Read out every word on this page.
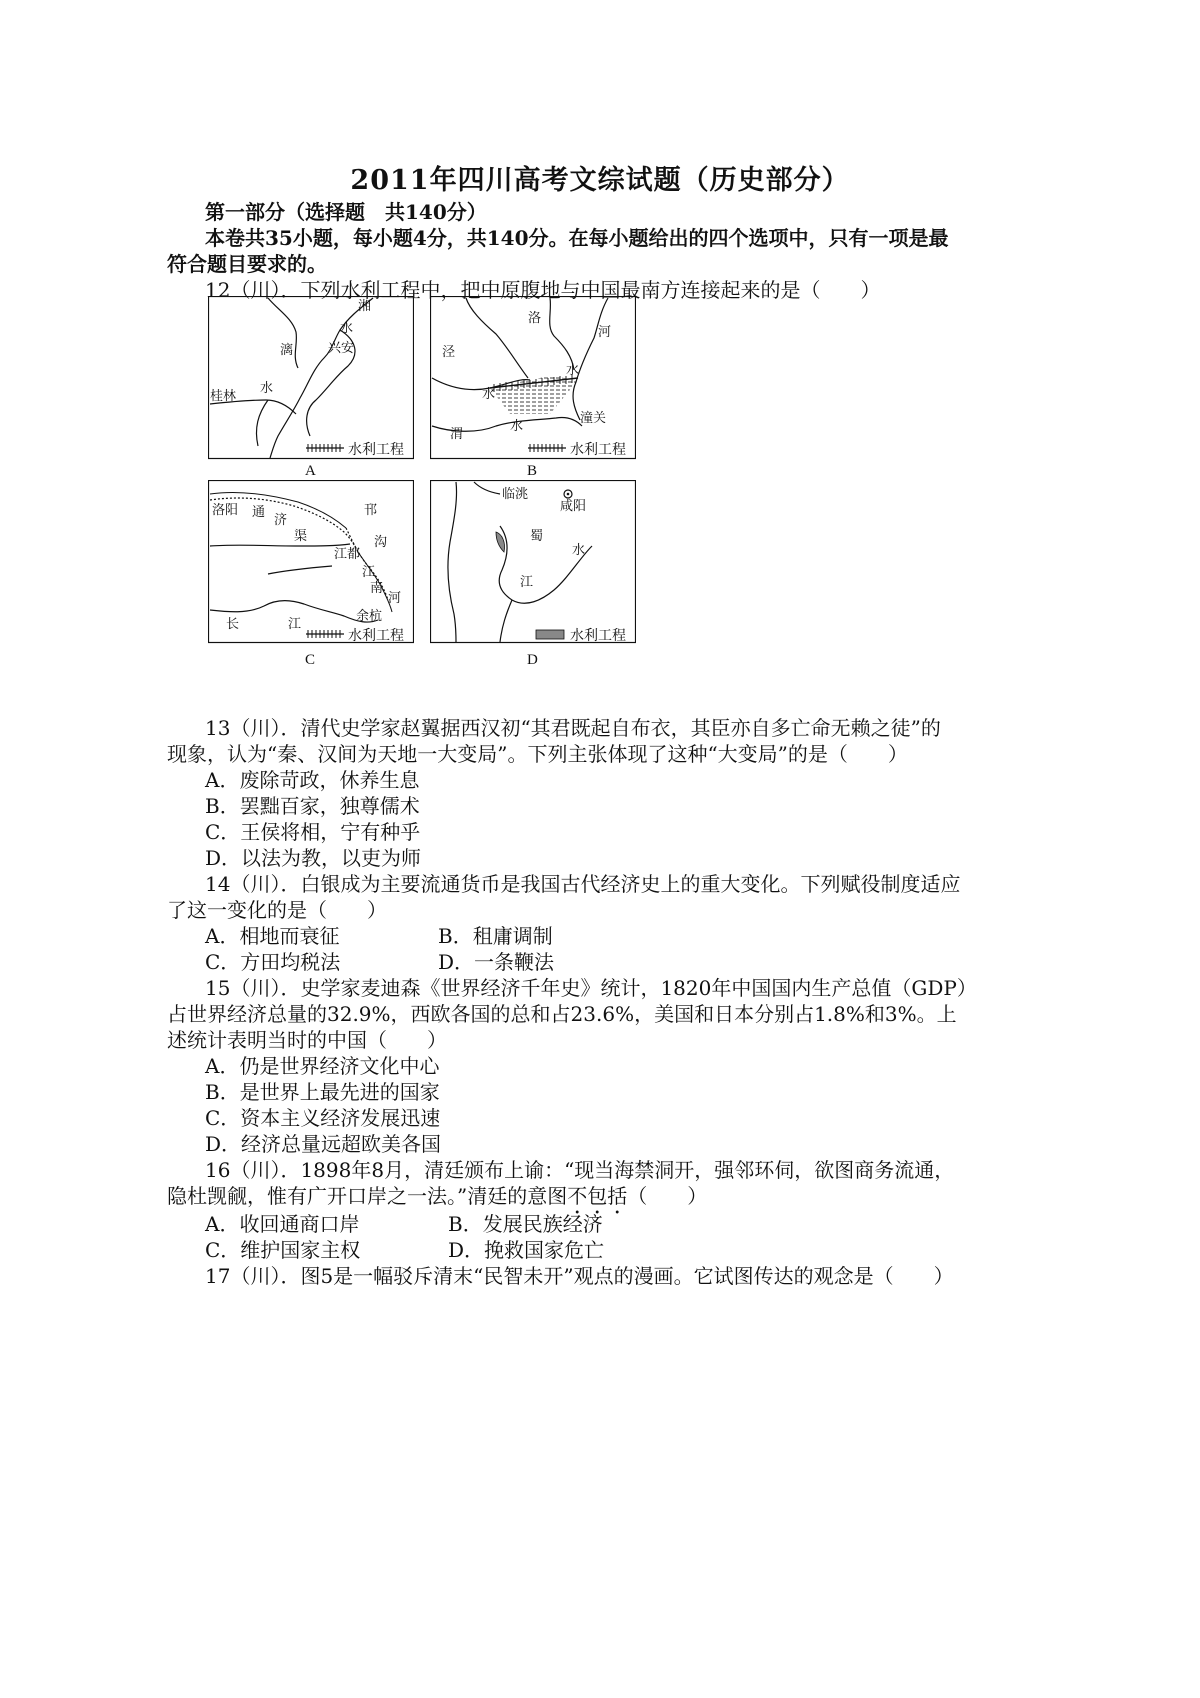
2011年四川高考文综试题（历史部分）
第一部分（选择题　共140分）
本卷共35小题，每小题4分，共140分。在每小题给出的四个选项中，只有一项是最
符合题目要求的。
12（川）．下列水利工程中，把中原腹地与中国最南方连接起来的是（　　）
湘
水
兴安
漓
水
桂林
水利工程
A
洛
河
泾
水
水
渭
水
潼关
水利工程
B
洛阳 通
济
渠
邗
江都
沟
江
南
河
余杭
长	江
水利工程
C
临洮
咸阳
蜀
水
江
水利工程
D
13（川）．清代史学家赵翼据西汉初“其君既起自布衣，其臣亦自多亡命无赖之徒”的
现象，认为“秦、汉间为天地一大变局”。下列主张体现了这种“大变局”的是（　　）
A．废除苛政，休养生息
B．罢黜百家，独尊儒术
C．王侯将相，宁有种乎
D．以法为教，以吏为师
14（川）．白银成为主要流通货币是我国古代经济史上的重大变化。下列赋役制度适应
了这一变化的是（　　）
A．相地而衰征	B．租庸调制
C．方田均税法	D．一条鞭法
15（川）．史学家麦迪森《世界经济千年史》统计，1820年中国国内生产总值（GDP）
占世界经济总量的32.9%，西欧各国的总和占23.6%，美国和日本分别占1.8%和3%。上
述统计表明当时的中国（　　）
A．仍是世界经济文化中心
B．是世界上最先进的国家
C．资本主义经济发展迅速
D．经济总量远超欧美各国
16（川）．1898年8月，清廷颁布上谕：“现当海禁洞开，强邻环伺，欲图商务流通，
隐杜觊觎，惟有广开口岸之一法。”清廷的意图不包括（　　）
A．收回通商口岸	B．发展民族经济
C．维护国家主权	D．挽救国家危亡
17（川）．图5是一幅驳斥清末“民智未开”观点的漫画。它试图传达的观念是（　　）
